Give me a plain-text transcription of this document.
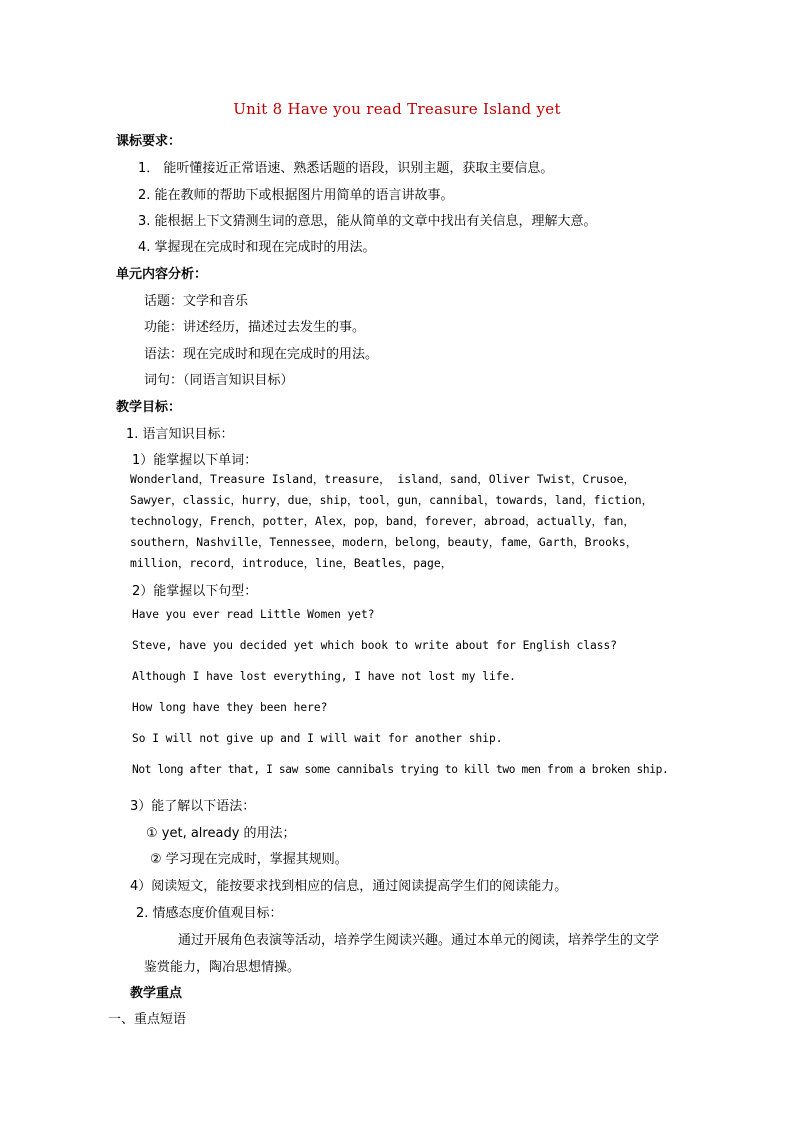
Unit 8 Have you read Treasure Island yet
课标要求：
1． 能听懂接近正常语速、熟悉话题的语段，识别主题，获取主要信息。
2. 能在教师的帮助下或根据图片用简单的语言讲故事。
3. 能根据上下文猜测生词的意思，能从简单的文章中找出有关信息，理解大意。
4. 掌握现在完成时和现在完成时的用法。
单元内容分析：
话题：文学和音乐
功能：讲述经历，描述过去发生的事。
语法：现在完成时和现在完成时的用法。
词句：（同语言知识目标）
教学目标：
1. 语言知识目标：
1）能掌握以下单词：
Wonderland，Treasure Island，treasure， island，sand，Oliver Twist，Crusoe，
Sawyer，classic，hurry，due，ship，tool，gun，cannibal，towards，land，fiction，
technology，French，potter，Alex，pop，band，forever，abroad，actually，fan，
southern，Nashville，Tennessee，modern，belong，beauty，fame，Garth，Brooks，
million，record，introduce，line，Beatles，page，
2）能掌握以下句型：
Have you ever read Little Women yet?
Steve, have you decided yet which book to write about for English class?
Although I have lost everything, I have not lost my life.
How long have they been here?
So I will not give up and I will wait for another ship.
Not long after that, I saw some cannibals trying to kill two men from a broken ship.
3）能了解以下语法：
① yet, already 的用法；
② 学习现在完成时，掌握其规则。
4）阅读短文，能按要求找到相应的信息，通过阅读提高学生们的阅读能力。
2. 情感态度价值观目标：
通过开展角色表演等活动，培养学生阅读兴趣。通过本单元的阅读，培养学生的文学
鉴赏能力，陶冶思想情操。
教学重点
一、重点短语
